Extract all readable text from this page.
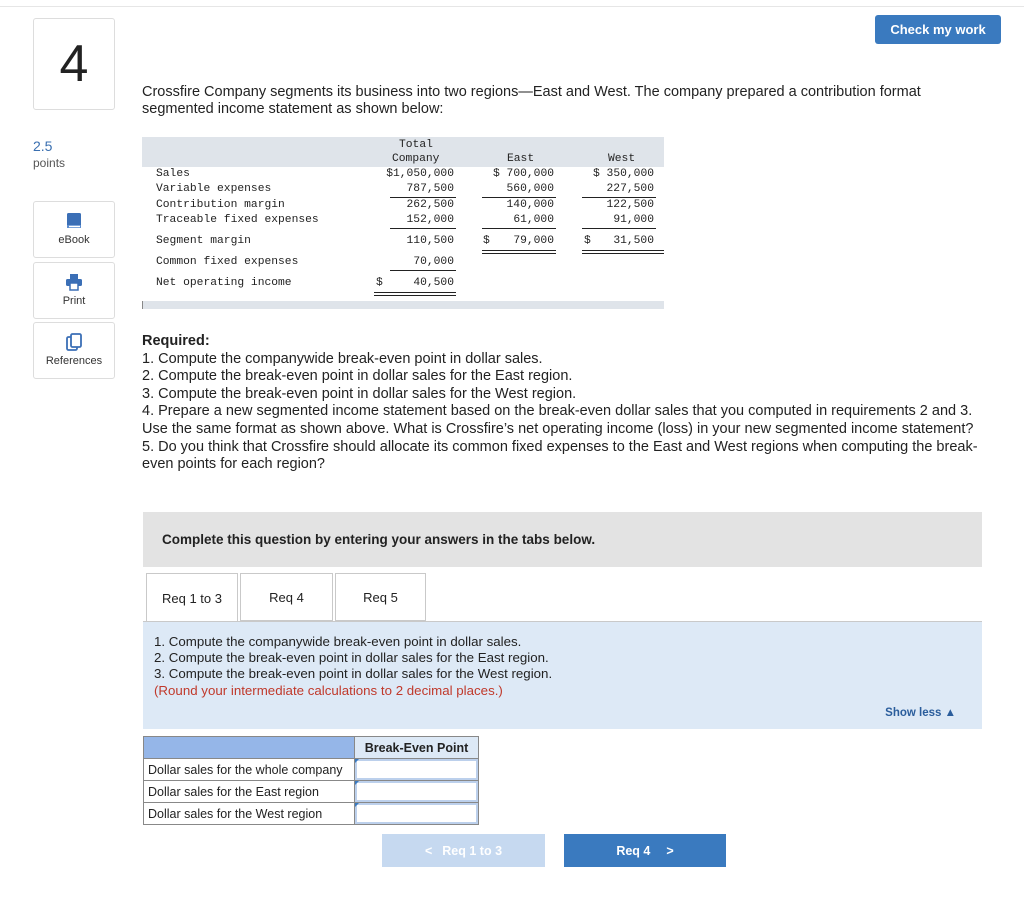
4
2.5
points
eBook
Print
References
Check my work
Crossfire Company segments its business into two regions—East and West. The company prepared a contribution format segmented income statement as shown below:
Total
Company	East	West
Sales	$1,050,000	$ 700,000	$ 350,000
Variable expenses	787,500	560,000	227,500
Contribution margin	262,500	140,000	122,500
Traceable fixed expenses	152,000	61,000	91,000
Segment margin	110,500	$	79,000	$	31,500
Common fixed expenses	70,000
Net operating income	$	40,500
Required:
1. Compute the companywide break-even point in dollar sales.
2. Compute the break-even point in dollar sales for the East region.
3. Compute the break-even point in dollar sales for the West region.
4. Prepare a new segmented income statement based on the break-even dollar sales that you computed in requirements 2 and 3. Use the same format as shown above. What is Crossfire’s net operating income (loss) in your new segmented income statement?
5. Do you think that Crossfire should allocate its common fixed expenses to the East and West regions when computing the break-even points for each region?
Complete this question by entering your answers in the tabs below.
Req 1 to 3	Req 4	Req 5
1. Compute the companywide break-even point in dollar sales.
2. Compute the break-even point in dollar sales for the East region.
3. Compute the break-even point in dollar sales for the West region.
(Round your intermediate calculations to 2 decimal places.)
Show less ▲
	Break-Even Point
Dollar sales for the whole company	

Dollar sales for the East region	

Dollar sales for the West region	
< Req 1 to 3	Req 4 >
